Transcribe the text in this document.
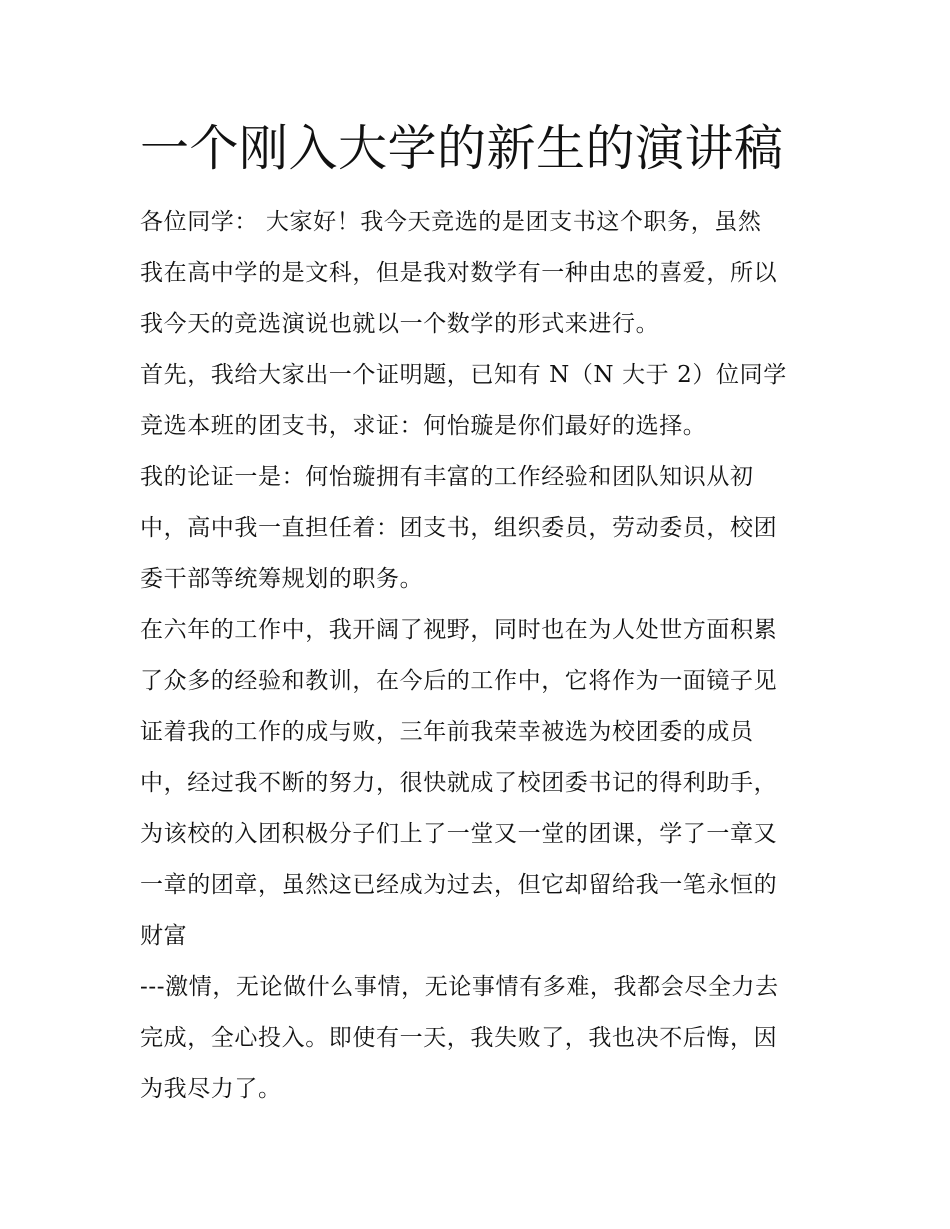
一个刚入大学的新生的演讲稿
各位同学： 大家好！我今天竞选的是团支书这个职务，虽然
我在高中学的是文科，但是我对数学有一种由忠的喜爱，所以
我今天的竞选演说也就以一个数学的形式来进行。
首先，我给大家出一个证明题，已知有 N（N 大于 2）位同学
竞选本班的团支书，求证：何怡璇是你们最好的选择。
我的论证一是：何怡璇拥有丰富的工作经验和团队知识从初
中，高中我一直担任着：团支书，组织委员，劳动委员，校团
委干部等统筹规划的职务。
在六年的工作中，我开阔了视野，同时也在为人处世方面积累
了众多的经验和教训，在今后的工作中，它将作为一面镜子见
证着我的工作的成与败，三年前我荣幸被选为校团委的成员
中，经过我不断的努力，很快就成了校团委书记的得利助手，
为该校的入团积极分子们上了一堂又一堂的团课，学了一章又
一章的团章，虽然这已经成为过去，但它却留给我一笔永恒的
财富
---激情，无论做什么事情，无论事情有多难，我都会尽全力去
完成，全心投入。即使有一天，我失败了，我也决不后悔，因
为我尽力了。
